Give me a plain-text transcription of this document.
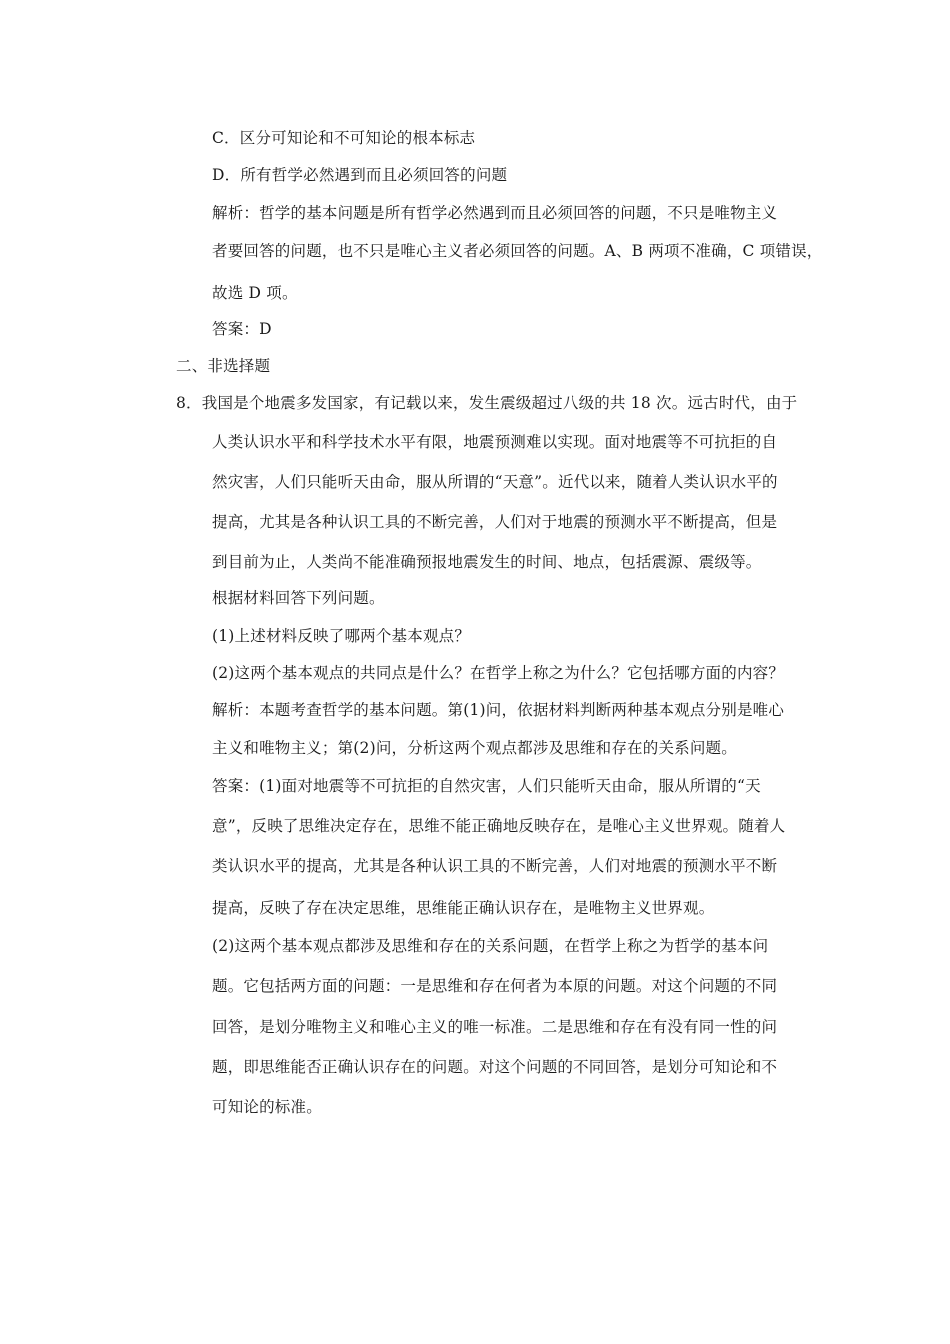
C．区分可知论和不可知论的根本标志
D．所有哲学必然遇到而且必须回答的问题
解析：哲学的基本问题是所有哲学必然遇到而且必须回答的问题，不只是唯物主义
者要回答的问题，也不只是唯心主义者必须回答的问题。A、B 两项不准确，C 项错误，
故选 D 项。
答案：D
二、非选择题
8．我国是个地震多发国家，有记载以来，发生震级超过八级的共 18 次。远古时代，由于
人类认识水平和科学技术水平有限，地震预测难以实现。面对地震等不可抗拒的自
然灾害，人们只能听天由命，服从所谓的“天意”。近代以来，随着人类认识水平的
提高，尤其是各种认识工具的不断完善，人们对于地震的预测水平不断提高，但是
到目前为止，人类尚不能准确预报地震发生的时间、地点，包括震源、震级等。
根据材料回答下列问题。
(1)上述材料反映了哪两个基本观点？
(2)这两个基本观点的共同点是什么？在哲学上称之为什么？它包括哪方面的内容？
解析：本题考查哲学的基本问题。第(1)问，依据材料判断两种基本观点分别是唯心
主义和唯物主义；第(2)问，分析这两个观点都涉及思维和存在的关系问题。
答案：(1)面对地震等不可抗拒的自然灾害，人们只能听天由命，服从所谓的“天
意”，反映了思维决定存在，思维不能正确地反映存在，是唯心主义世界观。随着人
类认识水平的提高，尤其是各种认识工具的不断完善，人们对地震的预测水平不断
提高，反映了存在决定思维，思维能正确认识存在，是唯物主义世界观。
(2)这两个基本观点都涉及思维和存在的关系问题，在哲学上称之为哲学的基本问
题。它包括两方面的问题：一是思维和存在何者为本原的问题。对这个问题的不同
回答，是划分唯物主义和唯心主义的唯一标准。二是思维和存在有没有同一性的问
题，即思维能否正确认识存在的问题。对这个问题的不同回答，是划分可知论和不
可知论的标准。
